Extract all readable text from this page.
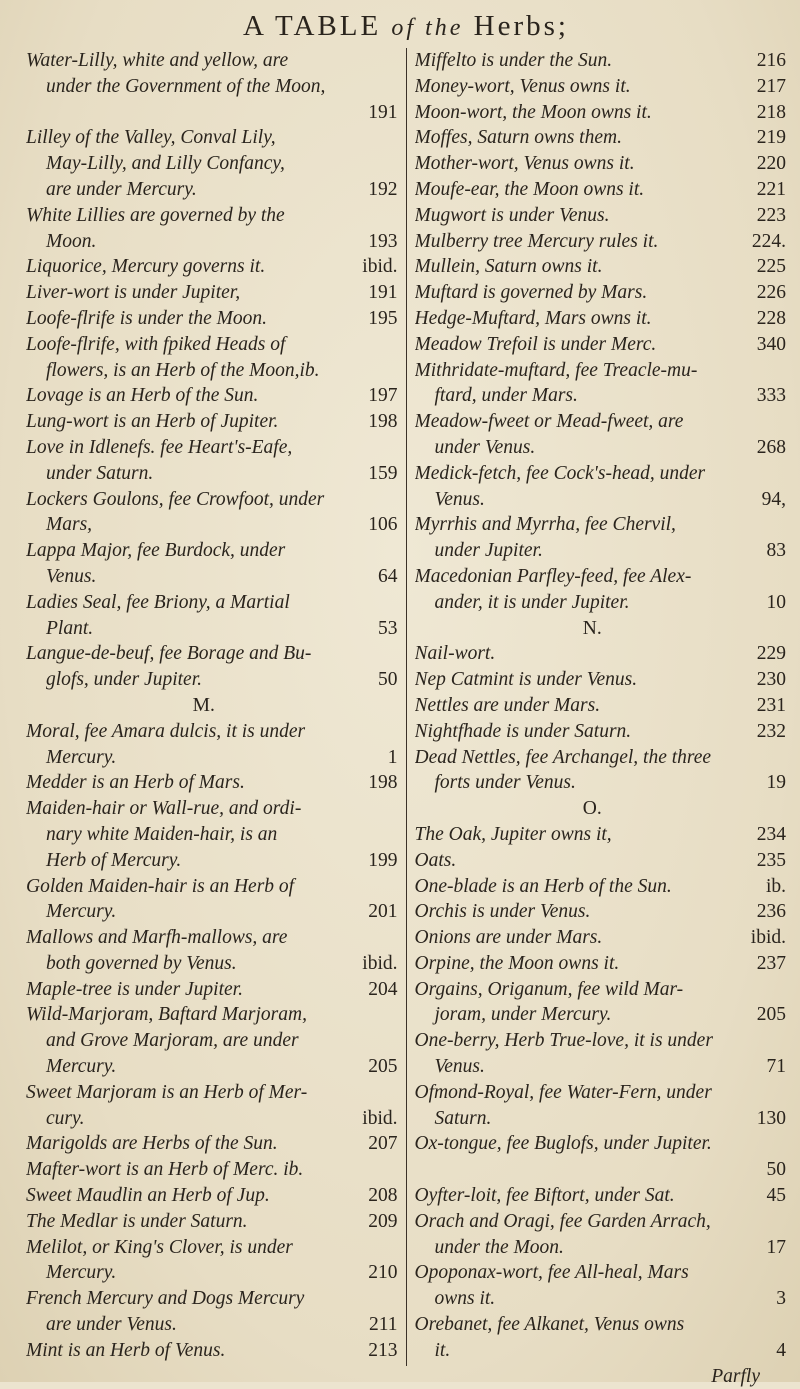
A TABLE of the Herbs;
Water-Lilly, white and yellow, are
under the Government of the Moon,
191
Lilley of the Valley, Conval Lily,
May-Lilly, and Lilly Confancy,
are under Mercury.	192
White Lillies are governed by the
Moon.	193
Liquorice, Mercury governs it.	ibid.
Liver-wort is under Jupiter,	191
Loofe-flrife is under the Moon.	195
Loofe-flrife, with fpiked Heads of
flowers, is an Herb of the Moon,ib.
Lovage is an Herb of the Sun.	197
Lung-wort is an Herb of Jupiter.	198
Love in Idlenefs. fee Heart's-Eafe,
under Saturn.	159
Lockers Goulons, fee Crowfoot, under
Mars,	106
Lappa Major, fee Burdock, under
Venus.	64
Ladies Seal, fee Briony, a Martial
Plant.	53
Langue-de-beuf, fee Borage and Bu-
glofs, under Jupiter.	50
M.
Moral, fee Amara dulcis, it is under
Mercury.	1
Medder is an Herb of Mars.	198
Maiden-hair or Wall-rue, and ordi-
nary white Maiden-hair, is an
Herb of Mercury.	199
Golden Maiden-hair is an Herb of
Mercury.	201
Mallows and Marfh-mallows, are
both governed by Venus.	ibid.
Maple-tree is under Jupiter.	204
Wild-Marjoram, Baftard Marjoram,
and Grove Marjoram, are under
Mercury.	205
Sweet Marjoram is an Herb of Mer-
cury.	ibid.
Marigolds are Herbs of the Sun.	207
Mafter-wort is an Herb of Merc. ib.
Sweet Maudlin an Herb of Jup.	208
The Medlar is under Saturn.	209
Melilot, or King's Clover, is under
Mercury.	210
French Mercury and Dogs Mercury
are under Venus.	211
Mint is an Herb of Venus.	213
Miffelto is under the Sun.	216
Money-wort, Venus owns it.	217
Moon-wort, the Moon owns it.	218
Moffes, Saturn owns them.	219
Mother-wort, Venus owns it.	220
Moufe-ear, the Moon owns it.	221
Mugwort is under Venus.	223
Mulberry tree Mercury rules it.	224.
Mullein, Saturn owns it.	225
Muftard is governed by Mars.	226
Hedge-Muftard, Mars owns it.	228
Meadow Trefoil is under Merc.	340
Mithridate-muftard, fee Treacle-mu-
ftard, under Mars.	333
Meadow-fweet or Mead-fweet, are
under Venus.	268
Medick-fetch, fee Cock's-head, under
Venus.	94,
Myrrhis and Myrrha, fee Chervil,
under Jupiter.	83
Macedonian Parfley-feed, fee Alex-
ander, it is under Jupiter.	10
N.
Nail-wort.	229
Nep Catmint is under Venus.	230
Nettles are under Mars.	231
Nightfhade is under Saturn.	232
Dead Nettles, fee Archangel, the three
forts under Venus.	19
O.
The Oak, Jupiter owns it,	234
Oats.	235
One-blade is an Herb of the Sun.	ib.
Orchis is under Venus.	236
Onions are under Mars.	ibid.
Orpine, the Moon owns it.	237
Orgains, Origanum, fee wild Mar-
joram, under Mercury.	205
One-berry, Herb True-love, it is under
Venus.	71
Ofmond-Royal, fee Water-Fern, under
Saturn.	130
Ox-tongue, fee Buglofs, under Jupiter.
50
Oyfter-loit, fee Biftort, under Sat.	45
Orach and Oragi, fee Garden Arrach,
under the Moon.	17
Opoponax-wort, fee All-heal, Mars
owns it.	3
Orebanet, fee Alkanet, Venus owns
it.	4
Parfly
